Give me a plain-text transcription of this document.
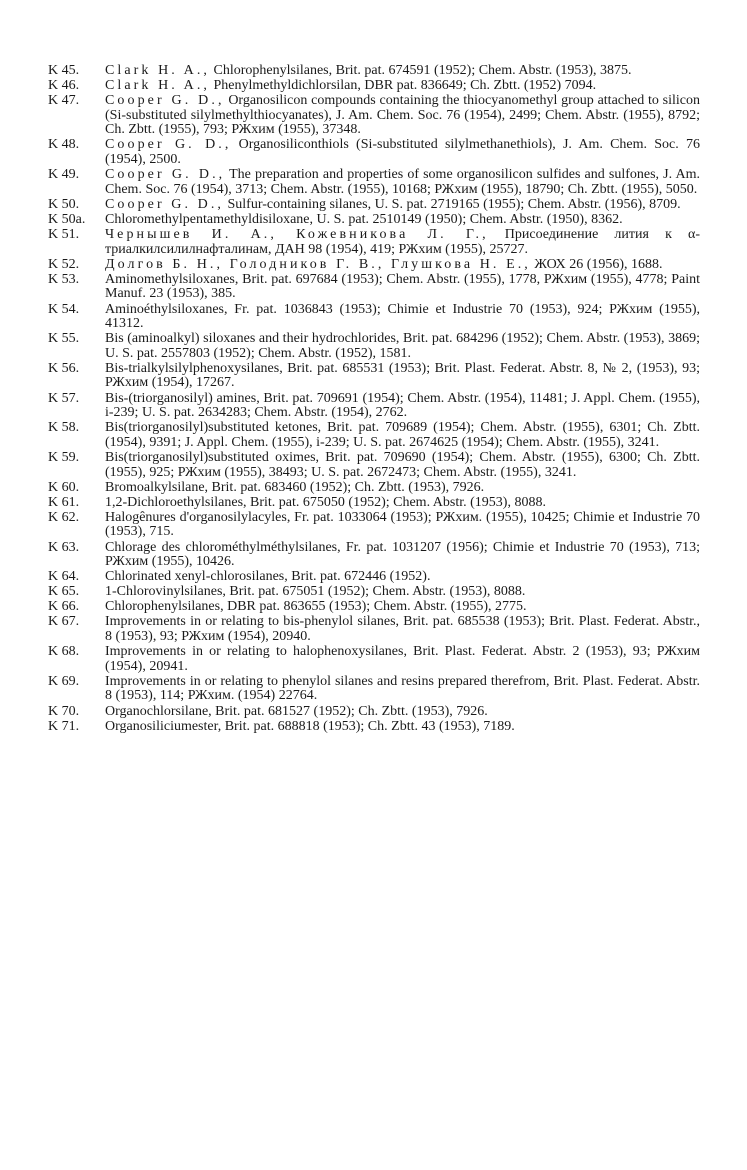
K 45.	Clark H. A., Chlorophenylsilanes, Brit. pat. 674591 (1952); Chem. Abstr. (1953), 3875.
K 46.	Clark H. A., Phenylmethyldichlorsilan, DBR pat. 836649; Ch. Zbtt. (1952) 7094.
K 47.	Cooper G. D., Organosilicon compounds containing the thiocyanomethyl group attached to silicon (Si-substituted silylmethylthiocyanates), J. Am. Chem. Soc. 76 (1954), 2499; Chem. Abstr. (1955), 8792; Ch. Zbtt. (1955), 793; РЖхим (1955), 37348.
K 48.	Cooper G. D., Organosiliconthiols (Si-substituted silylmethanethiols), J. Am. Chem. Soc. 76 (1954), 2500.
K 49.	Cooper G. D., The preparation and properties of some organosilicon sulfides and sulfones, J. Am. Chem. Soc. 76 (1954), 3713; Chem. Abstr. (1955), 10168; РЖхим (1955), 18790; Ch. Zbtt. (1955), 5050.
K 50.	Cooper G. D., Sulfur-containing silanes, U. S. pat. 2719165 (1955); Chem. Abstr. (1956), 8709.
K 50a.	Chloromethylpentamethyldisiloxane, U. S. pat. 2510149 (1950); Chem. Abstr. (1950), 8362.
K 51.	Чернышев И. А., Кожевникова Л. Г., Присоединение лития к α-триалкилсилилнафталинам, ДАН 98 (1954), 419; РЖхим (1955), 25727.
K 52.	Долгов Б. Н., Голодников Г. В., Глушкова Н. Е., ЖОХ 26 (1956), 1688.
K 53.	Aminomethylsiloxanes, Brit. pat. 697684 (1953); Chem. Abstr. (1955), 1778, РЖхим (1955), 4778; Paint Manuf. 23 (1953), 385.
K 54.	Aminoéthylsiloxanes, Fr. pat. 1036843 (1953); Chimie et Industrie 70 (1953), 924; РЖхим (1955), 41312.
K 55.	Bis (aminoalkyl) siloxanes and their hydrochlorides, Brit. pat. 684296 (1952); Chem. Abstr. (1953), 3869; U. S. pat. 2557803 (1952); Chem. Abstr. (1952), 1581.
K 56.	Bis-trialkylsilylphenoxysilanes, Brit. pat. 685531 (1953); Brit. Plast. Federat. Abstr. 8, № 2, (1953), 93; РЖхим (1954), 17267.
K 57.	Bis-(triorganosilyl) amines, Brit. pat. 709691 (1954); Chem. Abstr. (1954), 11481; J. Appl. Chem. (1955), i-239; U. S. pat. 2634283; Chem. Abstr. (1954), 2762.
K 58.	Bis(triorganosilyl)substituted ketones, Brit. pat. 709689 (1954); Chem. Abstr. (1955), 6301; Ch. Zbtt. (1954), 9391; J. Appl. Chem. (1955), i-239; U. S. pat. 2674625 (1954); Chem. Abstr. (1955), 3241.
K 59.	Bis(triorganosilyl)substituted oximes, Brit. pat. 709690 (1954); Chem. Abstr. (1955), 6300; Ch. Zbtt. (1955), 925; РЖхим (1955), 38493; U. S. pat. 2672473; Chem. Abstr. (1955), 3241.
K 60.	Bromoalkylsilane, Brit. pat. 683460 (1952); Ch. Zbtt. (1953), 7926.
K 61.	1,2-Dichloroethylsilanes, Brit. pat. 675050 (1952); Chem. Abstr. (1953), 8088.
K 62.	Halogênures d'organosilylacyles, Fr. pat. 1033064 (1953); РЖхим. (1955), 10425; Chimie et Industrie 70 (1953), 715.
K 63.	Chlorage des chlorométhylméthylsilanes, Fr. pat. 1031207 (1956); Chimie et Industrie 70 (1953), 713; РЖхим (1955), 10426.
K 64.	Chlorinated xenyl-chlorosilanes, Brit. pat. 672446 (1952).
K 65.	1-Chlorovinylsilanes, Brit. pat. 675051 (1952); Chem. Abstr. (1953), 8088.
K 66.	Chlorophenylsilanes, DBR pat. 863655 (1953); Chem. Abstr. (1955), 2775.
K 67.	Improvements in or relating to bis-phenylol silanes, Brit. pat. 685538 (1953); Brit. Plast. Federat. Abstr., 8 (1953), 93; РЖхим (1954), 20940.
K 68.	Improvements in or relating to halophenoxysilanes, Brit. Plast. Federat. Abstr. 2 (1953), 93; РЖхим (1954), 20941.
K 69.	Improvements in or relating to phenylol silanes and resins prepared therefrom, Brit. Plast. Federat. Abstr. 8 (1953), 114; РЖхим. (1954) 22764.
K 70.	Organochlorsilane, Brit. pat. 681527 (1952); Ch. Zbtt. (1953), 7926.
K 71.	Organosiliciumester, Brit. pat. 688818 (1953); Ch. Zbtt. 43 (1953), 7189.
